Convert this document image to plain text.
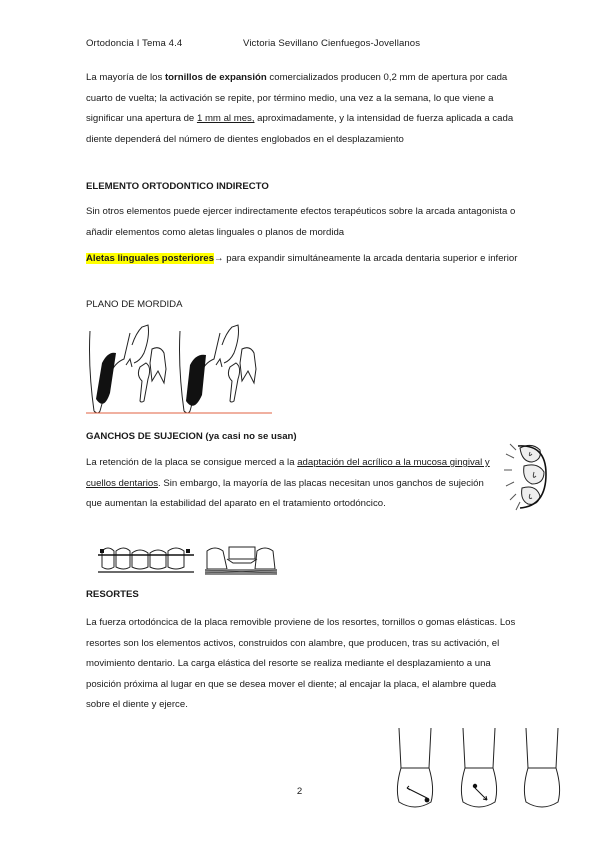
Ortodoncia I Tema 4.4	Victoria Sevillano Cienfuegos-Jovellanos
La mayoría de los tornillos de expansión comercializados producen 0,2 mm de apertura por cada cuarto de vuelta; la activación se repite, por término medio, una vez a la semana, lo que viene a significar una apertura de 1 mm al mes, aproximadamente, y la intensidad de fuerza aplicada a cada diente dependerá del número de dientes englobados en el desplazamiento
ELEMENTO ORTODONTICO INDIRECTO
Sin otros elementos puede ejercer indirectamente efectos terapéuticos sobre la arcada antagonista o añadir elementos como aletas linguales o planos de mordida
Aletas linguales posteriores→ para expandir simultáneamente la arcada dentaria superior e inferior
PLANO DE MORDIDA
GANCHOS DE SUJECION (ya casi no se usan)
La retención de la placa se consigue merced a la adaptación del acrílico a la mucosa gingival y cuellos dentarios. Sin embargo, la mayoría de las placas necesitan unos ganchos de sujeción que aumentan la estabilidad del aparato en el tratamiento ortodóncico.
RESORTES
La fuerza ortodóncica de la placa removible proviene de los resortes, tornillos o gomas elásticas. Los resortes son los elementos activos, construidos con alambre, que producen, tras su activación, el movimiento dentario. La carga elástica del resorte se realiza mediante el desplazamiento a una posición próxima al lugar en que se desea mover el diente; al encajar la placa, el alambre queda sobre el diente y ejerce.
2
